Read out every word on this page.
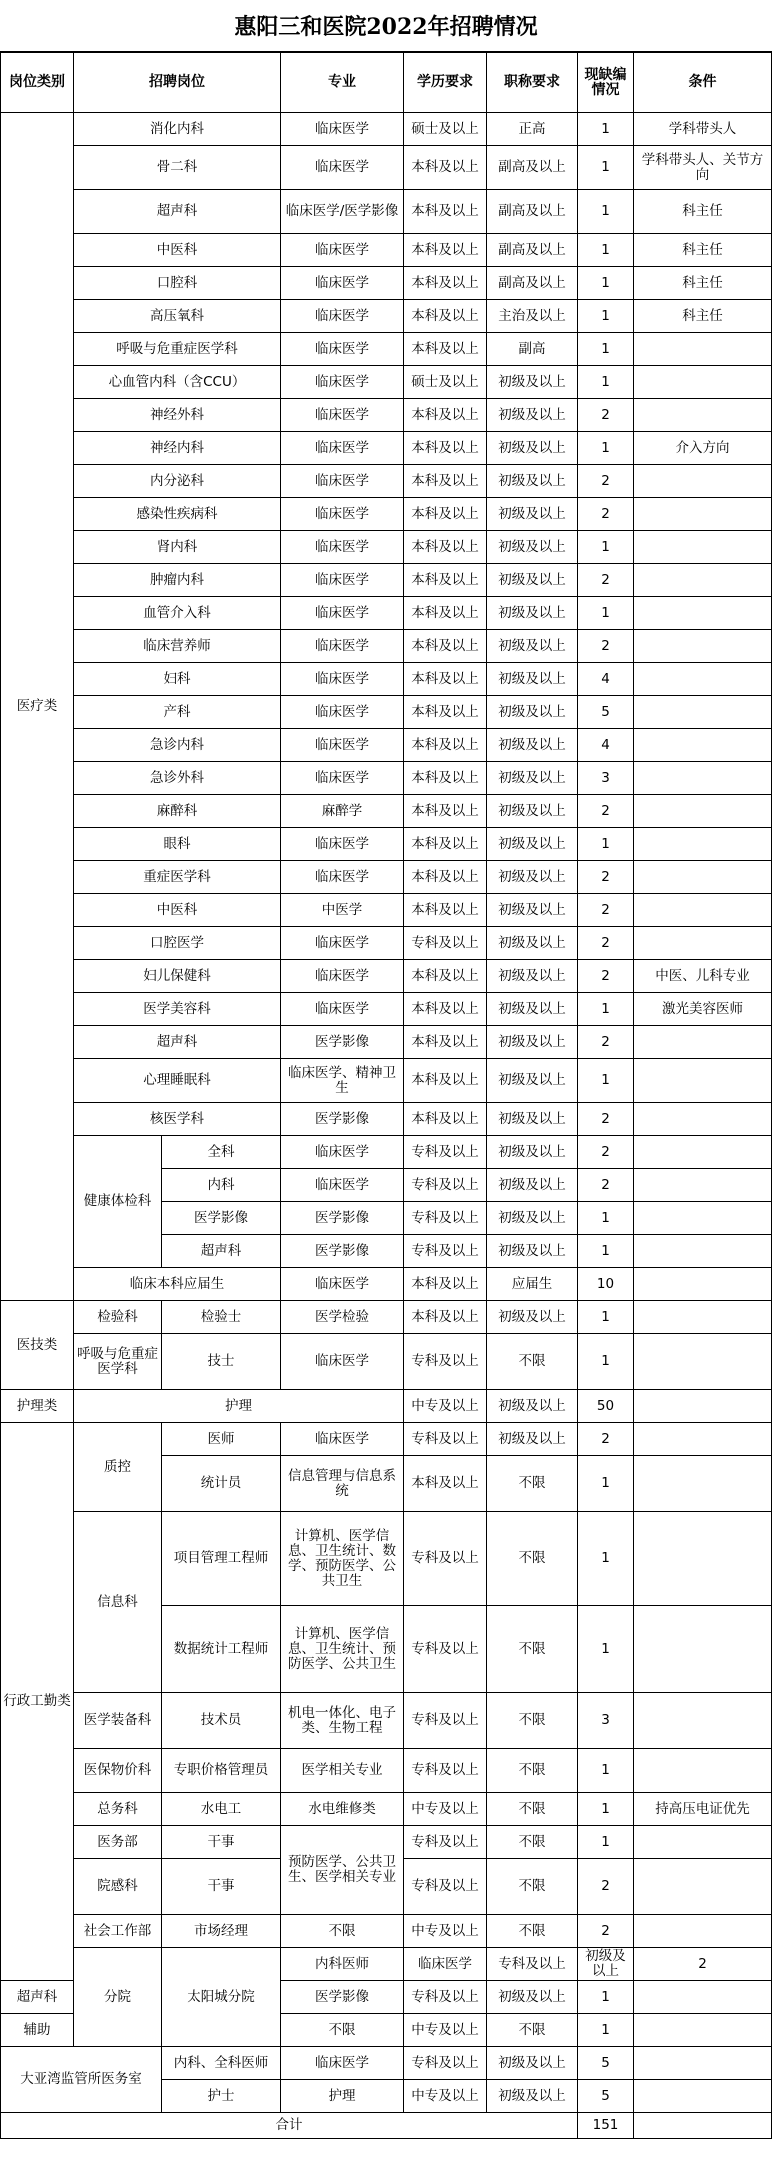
惠阳三和医院2022年招聘情况
岗位类别	招聘岗位		专业	学历要求	职称要求	现缺编情况	条件	
医疗类	消化内科		临床医学	硕士及以上	正高	1	学科带头人	
	骨二科		临床医学	本科及以上	副高及以上	1	学科带头人、关节方向	
	超声科		临床医学/医学影像	本科及以上	副高及以上	1	科主任	
	中医科		临床医学	本科及以上	副高及以上	1	科主任	
	口腔科		临床医学	本科及以上	副高及以上	1	科主任	
	高压氧科		临床医学	本科及以上	主治及以上	1	科主任	
	呼吸与危重症医学科		临床医学	本科及以上	副高	1		
	心血管内科（含CCU）		临床医学	硕士及以上	初级及以上	1		
	神经外科		临床医学	本科及以上	初级及以上	2		
	神经内科		临床医学	本科及以上	初级及以上	1	介入方向	
	内分泌科		临床医学	本科及以上	初级及以上	2		
	感染性疾病科		临床医学	本科及以上	初级及以上	2		
	肾内科		临床医学	本科及以上	初级及以上	1		
	肿瘤内科		临床医学	本科及以上	初级及以上	2		
	血管介入科		临床医学	本科及以上	初级及以上	1		
	临床营养师		临床医学	本科及以上	初级及以上	2		
	妇科		临床医学	本科及以上	初级及以上	4		
	产科		临床医学	本科及以上	初级及以上	5		
	急诊内科		临床医学	本科及以上	初级及以上	4		
	急诊外科		临床医学	本科及以上	初级及以上	3		
	麻醉科		麻醉学	本科及以上	初级及以上	2		
	眼科		临床医学	本科及以上	初级及以上	1		
	重症医学科		临床医学	本科及以上	初级及以上	2		
	中医科		中医学	本科及以上	初级及以上	2		
	口腔医学		临床医学	专科及以上	初级及以上	2		
	妇儿保健科		临床医学	本科及以上	初级及以上	2	中医、儿科专业	
	医学美容科		临床医学	本科及以上	初级及以上	1	激光美容医师	
	超声科		医学影像	本科及以上	初级及以上	2		
	心理睡眠科		临床医学、精神卫生	本科及以上	初级及以上	1		
	核医学科		医学影像	本科及以上	初级及以上	2		
	健康体检科	全科	临床医学	专科及以上	初级及以上	2		
		内科	临床医学	专科及以上	初级及以上	2		
		医学影像	医学影像	专科及以上	初级及以上	1		
		超声科	医学影像	专科及以上	初级及以上	1		
	临床本科应届生		临床医学	本科及以上	应届生	10		
医技类	检验科	检验士	医学检验	本科及以上	初级及以上	1		
	呼吸与危重症医学科	技士	临床医学	专科及以上	不限	1		
护理类	护理			中专及以上	初级及以上	50		
行政工勤类	质控	医师	临床医学	专科及以上	初级及以上	2		
		统计员	信息管理与信息系统	本科及以上	不限	1		
	信息科	项目管理工程师	计算机、医学信息、卫生统计、数学、预防医学、公共卫生	专科及以上	不限	1		
		数据统计工程师	计算机、医学信息、卫生统计、预防医学、公共卫生	专科及以上	不限	1		
	医学装备科	技术员	机电一体化、电子类、生物工程	专科及以上	不限	3		
	医保物价科	专职价格管理员	医学相关专业	专科及以上	不限	1		
	总务科	水电工	水电维修类	中专及以上	不限	1	持高压电证优先	
	医务部	干事	预防医学、公共卫生、医学相关专业	专科及以上	不限	1		
	院感科	干事		专科及以上	不限	2		
	社会工作部	市场经理	不限	中专及以上	不限	2		
	分院	太阳城分院	内科医师	临床医学	专科及以上	初级及以上	2	
超声科			医学影像	专科及以上	初级及以上	1		
辅助			不限	中专及以上	不限	1		
大亚湾监管所医务室		内科、全科医师	临床医学	专科及以上	初级及以上	5		
		护士	护理	中专及以上	初级及以上	5		
合计						151		
